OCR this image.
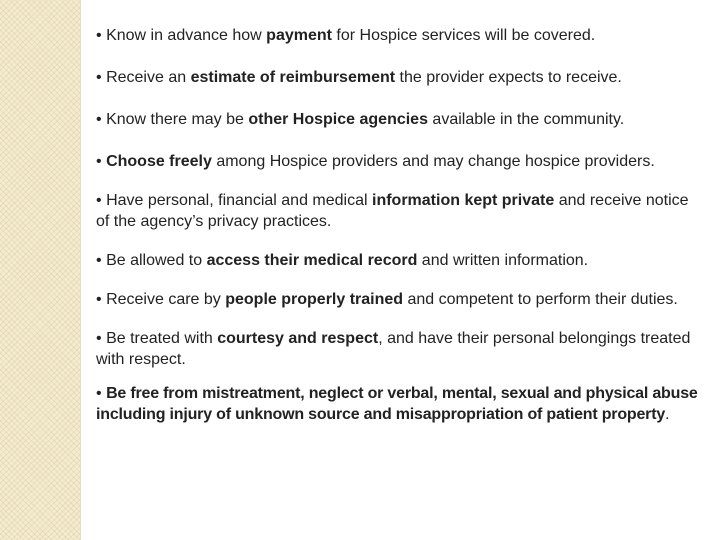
• Know in advance how payment for Hospice services will be covered.

• Receive an estimate of reimbursement the provider expects to receive.

• Know there may be other Hospice agencies available in the community.

• Choose freely among Hospice providers and may change hospice providers.

• Have personal, financial and medical information kept private and receive notice of the agency’s privacy practices.

• Be allowed to access their medical record and written information.

• Receive care by people properly trained and competent to perform their duties.

• Be treated with courtesy and respect, and have their personal belongings treated with respect.

• Be free from mistreatment, neglect or verbal, mental, sexual and physical abuse including injury of unknown source and misappropriation of patient property.
